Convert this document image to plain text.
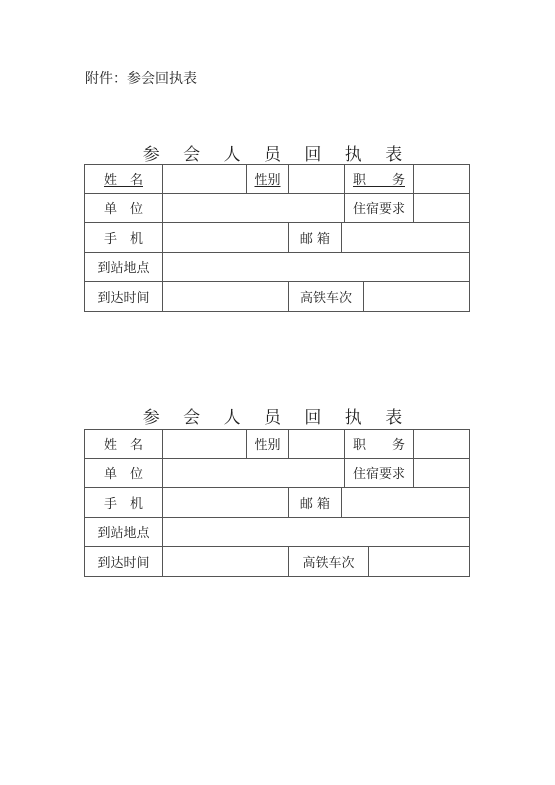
附件：参会回执表
参 会 人 员 回 执 表
姓　名	性别	职　　务
单　位	住宿要求
手　机	邮 箱
到站地点
到达时间	高铁车次
参 会 人 员 回 执 表
姓　名	性别	职　　务
单　位	住宿要求
手　机	邮 箱
到站地点
到达时间	高铁车次
